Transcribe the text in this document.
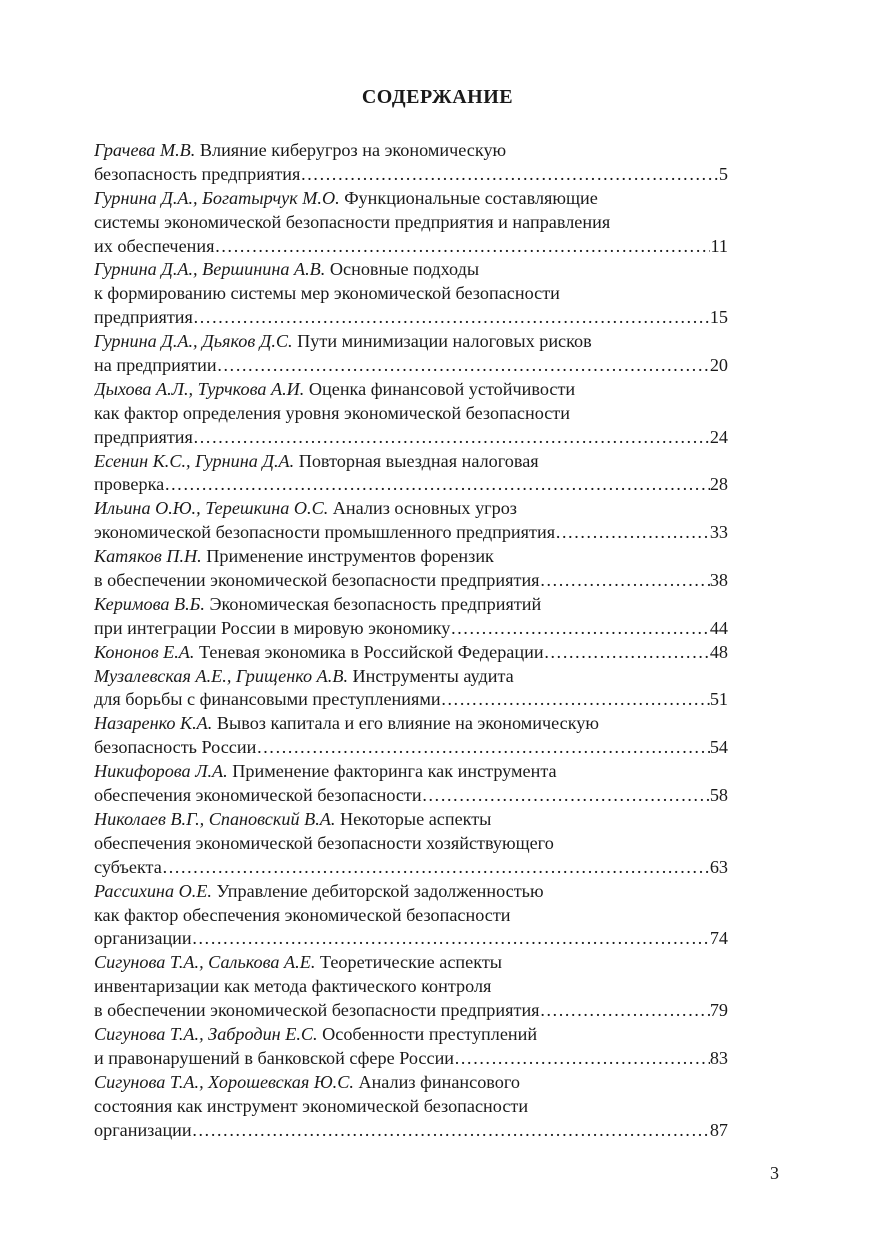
СОДЕРЖАНИЕ
Грачева М.В. Влияние киберугроз на экономическую
безопасность предприятия ……………………………………………………………………………………………………………………………………………………………	5
Гурнина Д.А., Богатырчук М.О. Функциональные составляющие
системы экономической безопасности предприятия и направления
их обеспечения ……………………………………………………………………………………………………………………………………………………………	11
Гурнина Д.А., Вершинина А.В. Основные подходы
к формированию системы мер экономической безопасности
предприятия ……………………………………………………………………………………………………………………………………………………………	15
Гурнина Д.А., Дьяков Д.С. Пути минимизации налоговых рисков
на предприятии ……………………………………………………………………………………………………………………………………………………………	20
Дыхова А.Л., Турчкова А.И. Оценка финансовой устойчивости
как фактор определения уровня экономической безопасности
предприятия ……………………………………………………………………………………………………………………………………………………………	24
Есенин К.С., Гурнина Д.А. Повторная выездная налоговая
проверка ……………………………………………………………………………………………………………………………………………………………	28
Ильина О.Ю., Терешкина О.С. Анализ основных угроз
экономической безопасности промышленного предприятия ……………………………………………………………………………………………………………………………………………………………	33
Катяков П.Н. Применение инструментов форензик
в обеспечении экономической безопасности предприятия ……………………………………………………………………………………………………………………………………………………………	38
Керимова В.Б. Экономическая безопасность предприятий
при интеграции России в мировую экономику ……………………………………………………………………………………………………………………………………………………………	44
Кононов Е.А. Теневая экономика в Российской Федерации ……………………………………………………………………………………………………………………………………………………………	48
Музалевская А.Е., Грищенко А.В. Инструменты аудита
для борьбы с финансовыми преступлениями ……………………………………………………………………………………………………………………………………………………………	51
Назаренко К.А. Вывоз капитала и его влияние на экономическую
безопасность России ……………………………………………………………………………………………………………………………………………………………	54
Никифорова Л.А. Применение факторинга как инструмента
обеспечения экономической безопасности ……………………………………………………………………………………………………………………………………………………………	58
Николаев В.Г., Спановский В.А. Некоторые аспекты
обеспечения экономической безопасности хозяйствующего
субъекта ……………………………………………………………………………………………………………………………………………………………	63
Рассихина О.Е. Управление дебиторской задолженностью
как фактор обеспечения экономической безопасности
организации ……………………………………………………………………………………………………………………………………………………………	74
Сигунова Т.А., Салькова А.Е. Теоретические аспекты
инвентаризации как метода фактического контроля
в обеспечении экономической безопасности предприятия ……………………………………………………………………………………………………………………………………………………………	79
Сигунова Т.А., Забродин Е.С. Особенности преступлений
и правонарушений в банковской сфере России ……………………………………………………………………………………………………………………………………………………………	83
Сигунова Т.А., Хорошевская Ю.С. Анализ финансового
состояния как инструмент экономической безопасности
организации ……………………………………………………………………………………………………………………………………………………………	87
3
